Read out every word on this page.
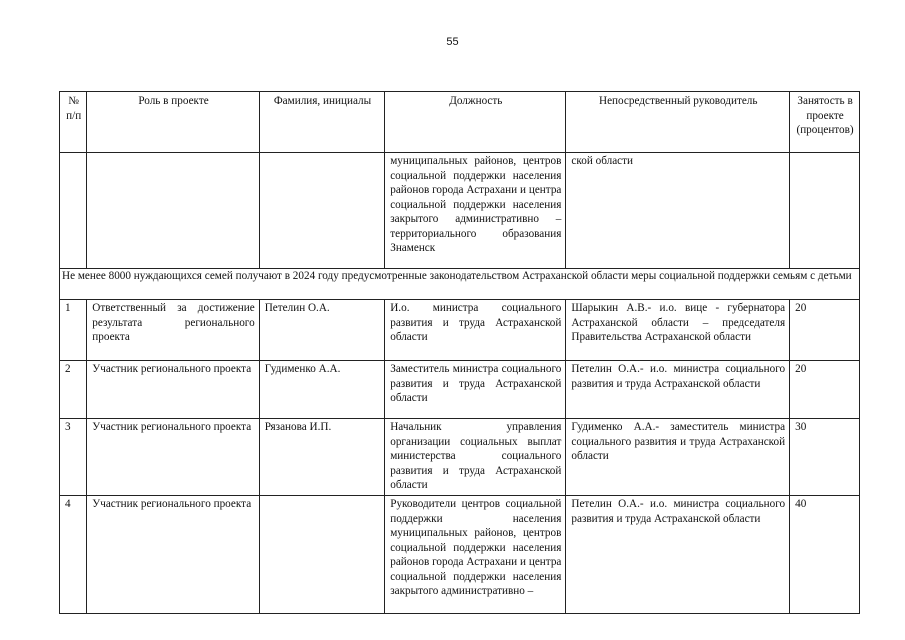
55
№ п/п	Роль в проекте	Фамилия, инициалы	Должность	Непосредственный руководитель	Занятость в проекте (процентов)
			муниципальных районов, центров социальной поддержки населения районов города Астрахани и центра социальной поддержки населения закрытого административно – территориального образования Знаменск	ской области	
Не менее 8000 нуждающихся семей получают в 2024 году предусмотренные законодательством Астраханской области меры социальной поддержки семьям с детьми					
1	Ответственный за достижение результата регионального проекта	Петелин О.А.	И.о. министра социального развития и труда Астраханской области	Шарыкин А.В.- и.о. вице - губернатора Астраханской области – председателя Правительства Астраханской области	20
2	Участник регионального проекта	Гудименко А.А.	Заместитель министра социального развития и труда Астраханской области	Петелин О.А.- и.о. министра социального развития и труда Астраханской области	20
3	Участник регионального проекта	Рязанова И.П.	Начальник управления организации социальных выплат министерства социального развития и труда Астраханской области	Гудименко А.А.- заместитель министра социального развития и труда Астраханской области	30
4	Участник регионального проекта		Руководители центров социальной поддержки населения муниципальных районов, центров социальной поддержки населения районов города Астрахани и центра социальной поддержки населения закрытого административно –	Петелин О.А.- и.о. министра социального развития и труда Астраханской области	40
